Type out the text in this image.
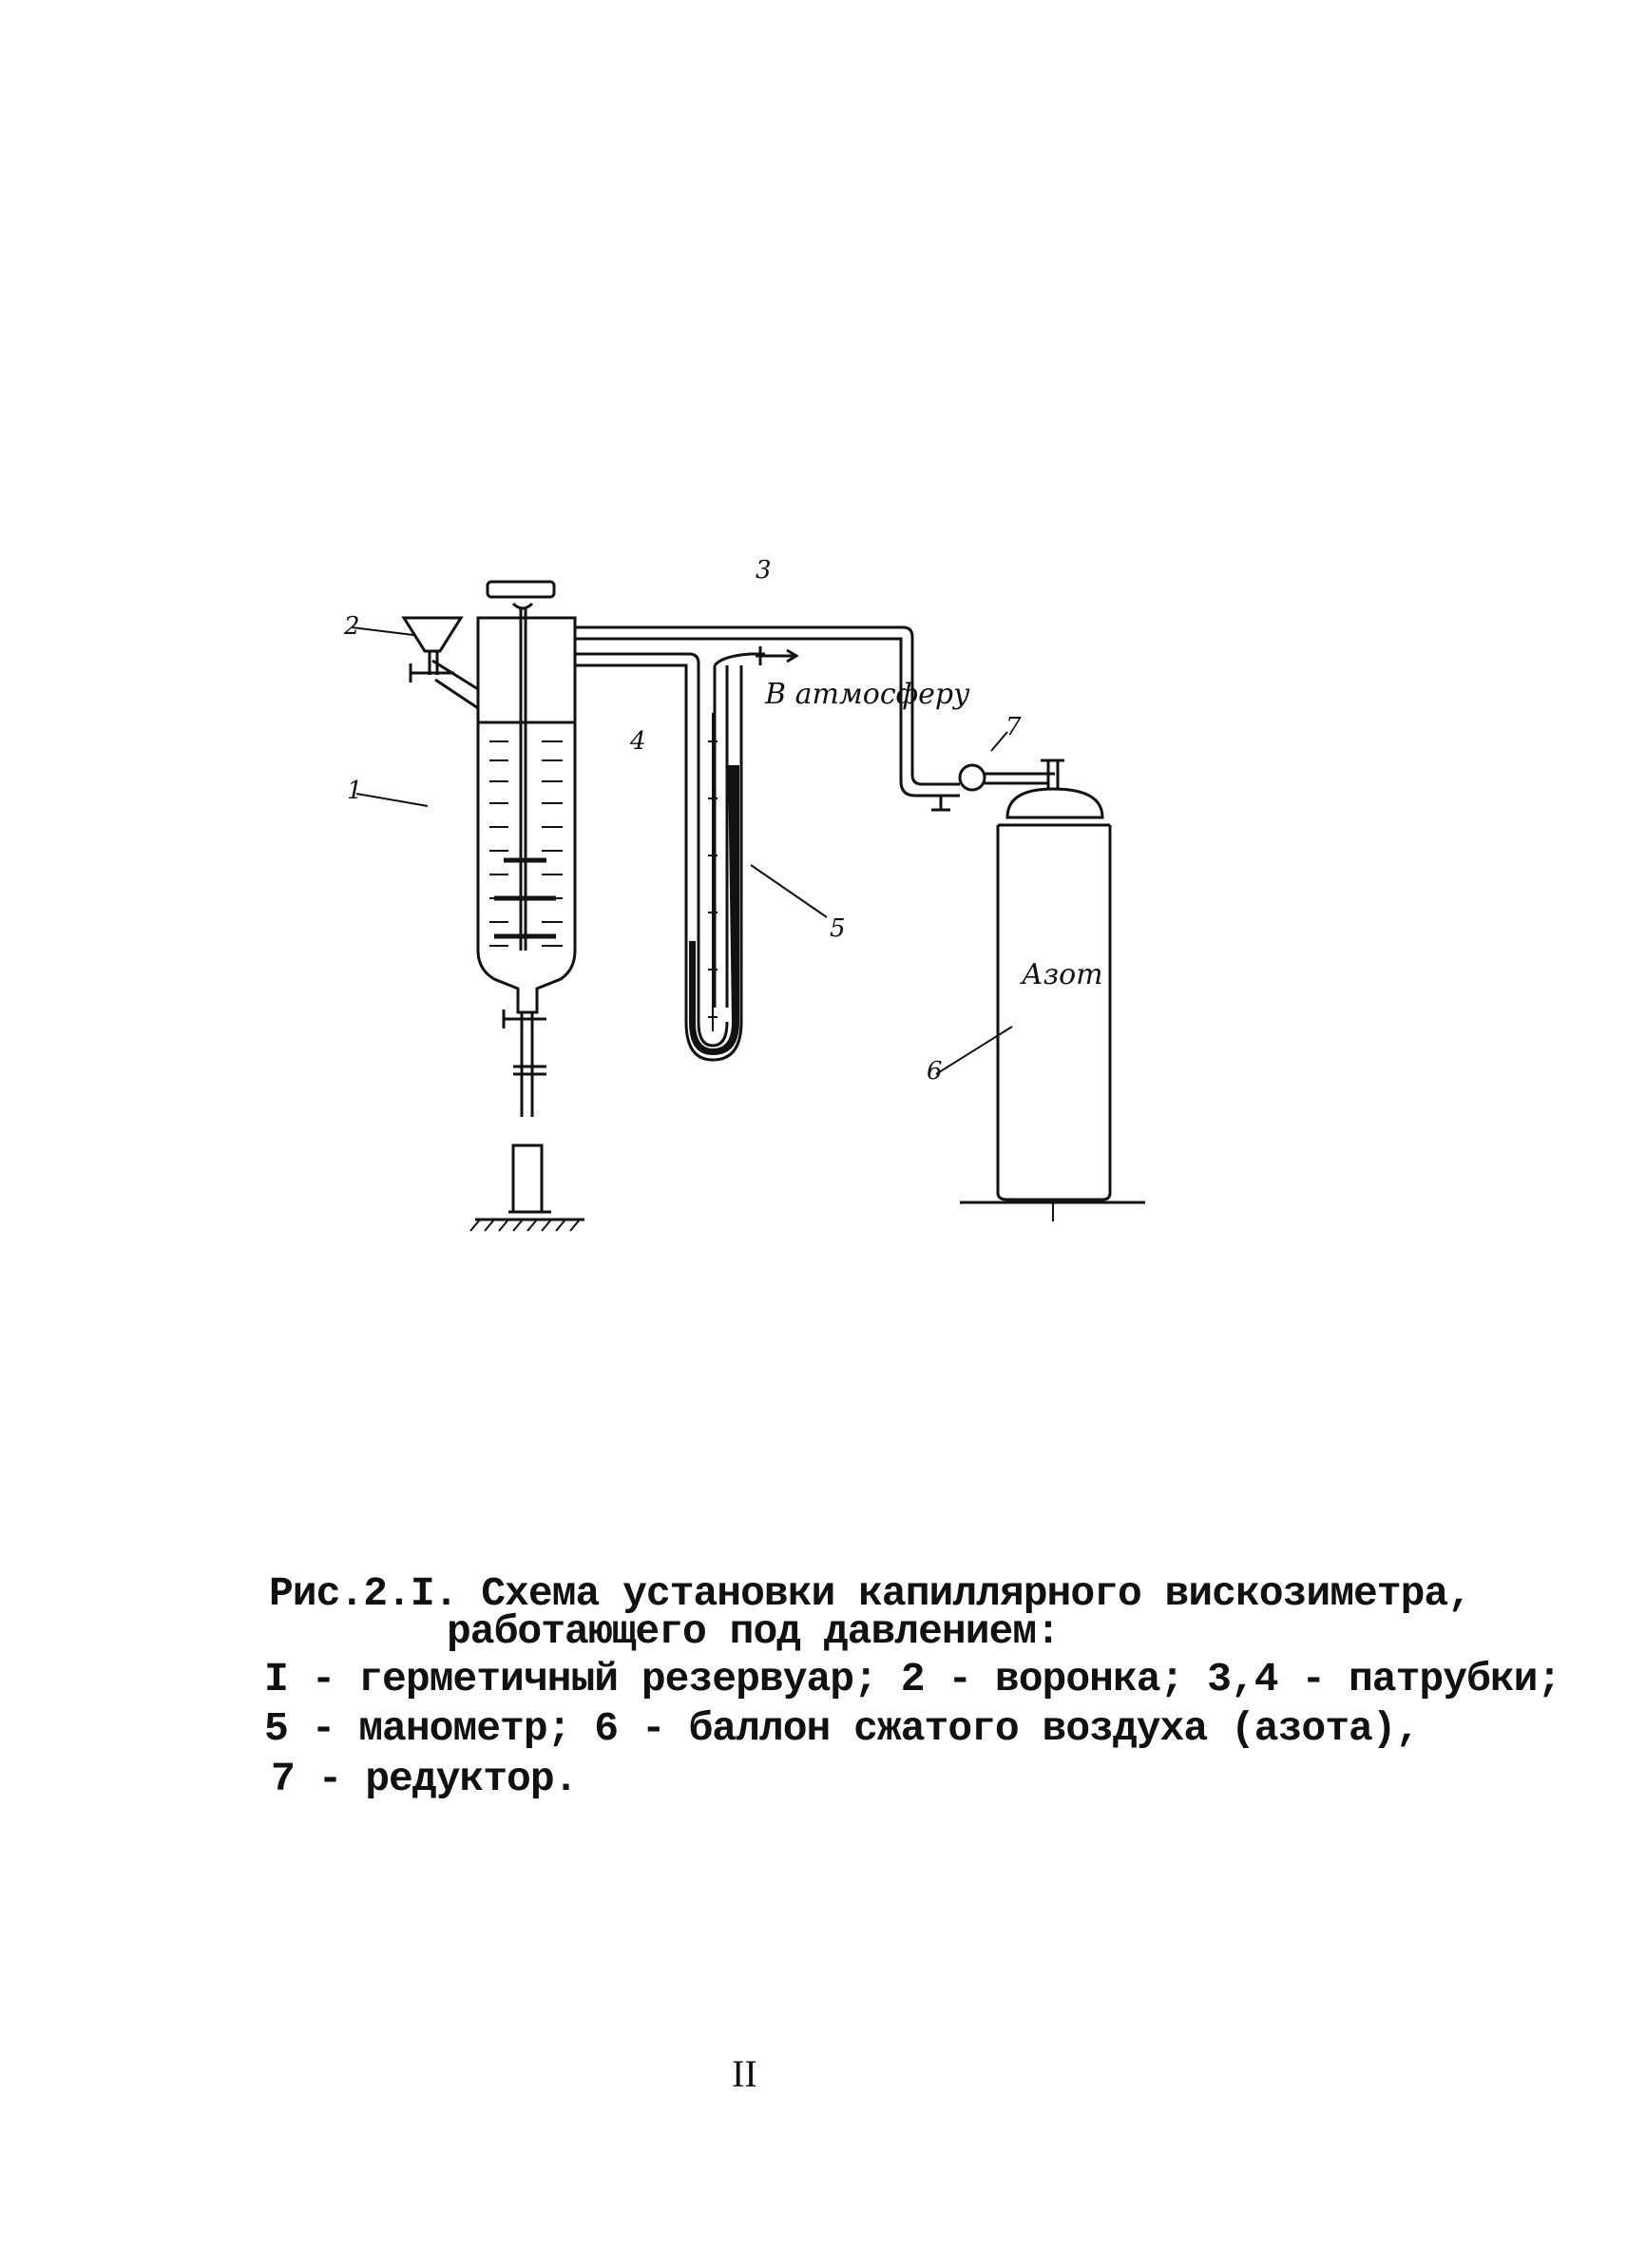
2
1
3
4
5
6
7
В атмосферу
Азот
Рис.2.I. Схема установки капиллярного вискозиметра,
работающего под давлением:
I - герметичный резервуар; 2 - воронка; 3,4 - патрубки;
5 - манометр; 6 - баллон сжатого воздуха (азота),
7 - редуктор.
II
